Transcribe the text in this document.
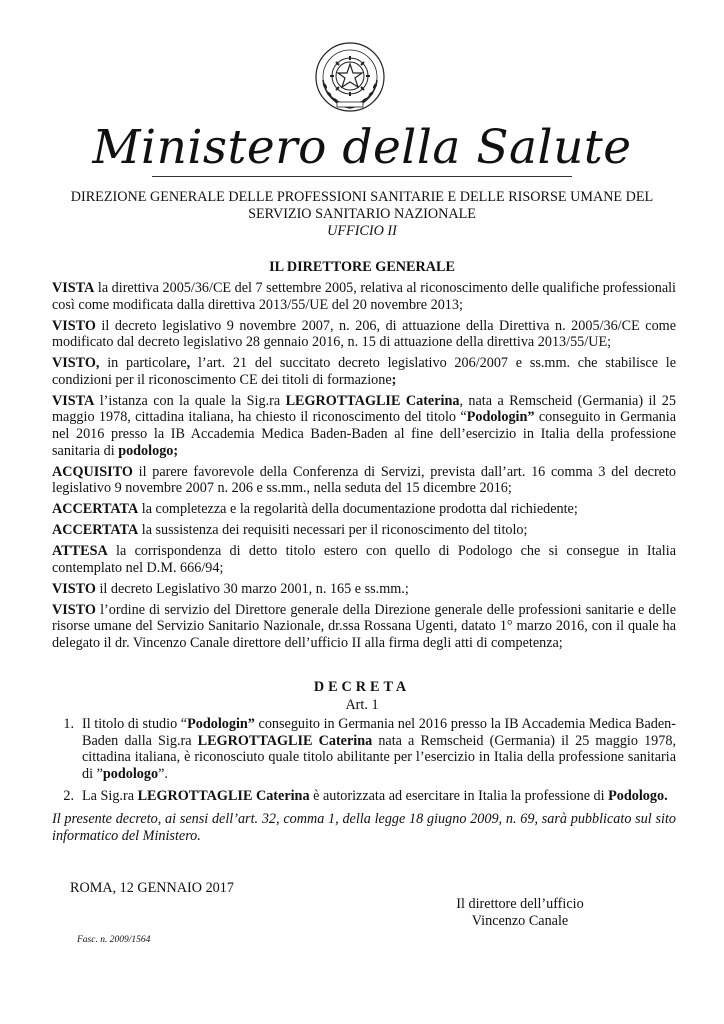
Ministero della Salute
DIREZIONE GENERALE DELLE PROFESSIONI SANITARIE E DELLE RISORSE UMANE DEL
SERVIZIO SANITARIO NAZIONALE
UFFICIO II
IL DIRETTORE GENERALE

VISTA la direttiva 2005/36/CE del 7 settembre 2005, relativa al riconoscimento delle qualifiche professionali così come modificata dalla direttiva 2013/55/UE del 20 novembre 2013;

VISTO il decreto legislativo 9 novembre 2007, n. 206, di attuazione della Direttiva n. 2005/36/CE come modificato dal decreto legislativo 28 gennaio 2016, n. 15 di attuazione della direttiva 2013/55/UE;

VISTO, in particolare, l’art. 21 del succitato decreto legislativo 206/2007 e ss.mm. che stabilisce le condizioni per il riconoscimento CE dei titoli di formazione;

VISTA l’istanza con la quale la Sig.ra LEGROTTAGLIE Caterina, nata a Remscheid (Germania) il 25 maggio 1978, cittadina italiana, ha chiesto il riconoscimento del titolo “Podologin” conseguito in Germania nel 2016 presso la IB Accademia Medica Baden-Baden al fine dell’esercizio in Italia della professione sanitaria di podologo;

ACQUISITO il parere favorevole della Conferenza di Servizi, prevista dall’art. 16 comma 3 del decreto legislativo 9 novembre 2007 n. 206 e ss.mm., nella seduta del 15 dicembre 2016;

ACCERTATA la completezza e la regolarità della documentazione prodotta dal richiedente;

ACCERTATA la sussistenza dei requisiti necessari per il riconoscimento del titolo;

ATTESA la corrispondenza di detto titolo estero con quello di Podologo che si consegue in Italia contemplato nel D.M. 666/94;

VISTO il decreto Legislativo 30 marzo 2001, n. 165 e ss.mm.;

VISTO l’ordine di servizio del Direttore generale della Direzione generale delle professioni sanitarie e delle risorse umane del Servizio Sanitario Nazionale, dr.ssa Rossana Ugenti, datato 1° marzo 2016, con il quale ha delegato il dr. Vincenzo Canale direttore dell’ufficio II alla firma degli atti di competenza;

DECRETA
Art. 1
1. Il titolo di studio “Podologin” conseguito in Germania nel 2016 presso la IB Accademia Medica Baden-Baden dalla Sig.ra LEGROTTAGLIE Caterina nata a Remscheid (Germania) il 25 maggio 1978, cittadina italiana, è riconosciuto quale titolo abilitante per l’esercizio in Italia della professione sanitaria di ”podologo”.
2. La Sig.ra LEGROTTAGLIE Caterina è autorizzata ad esercitare in Italia la professione di Podologo.

Il presente decreto, ai sensi dell’art. 32, comma 1, della legge 18 giugno 2009, n. 69, sarà pubblicato sul sito informatico del Ministero.

ROMA, 12 GENNAIO 2017
Il direttore dell’ufficio
Vincenzo Canale
Fasc. n. 2009/1564
